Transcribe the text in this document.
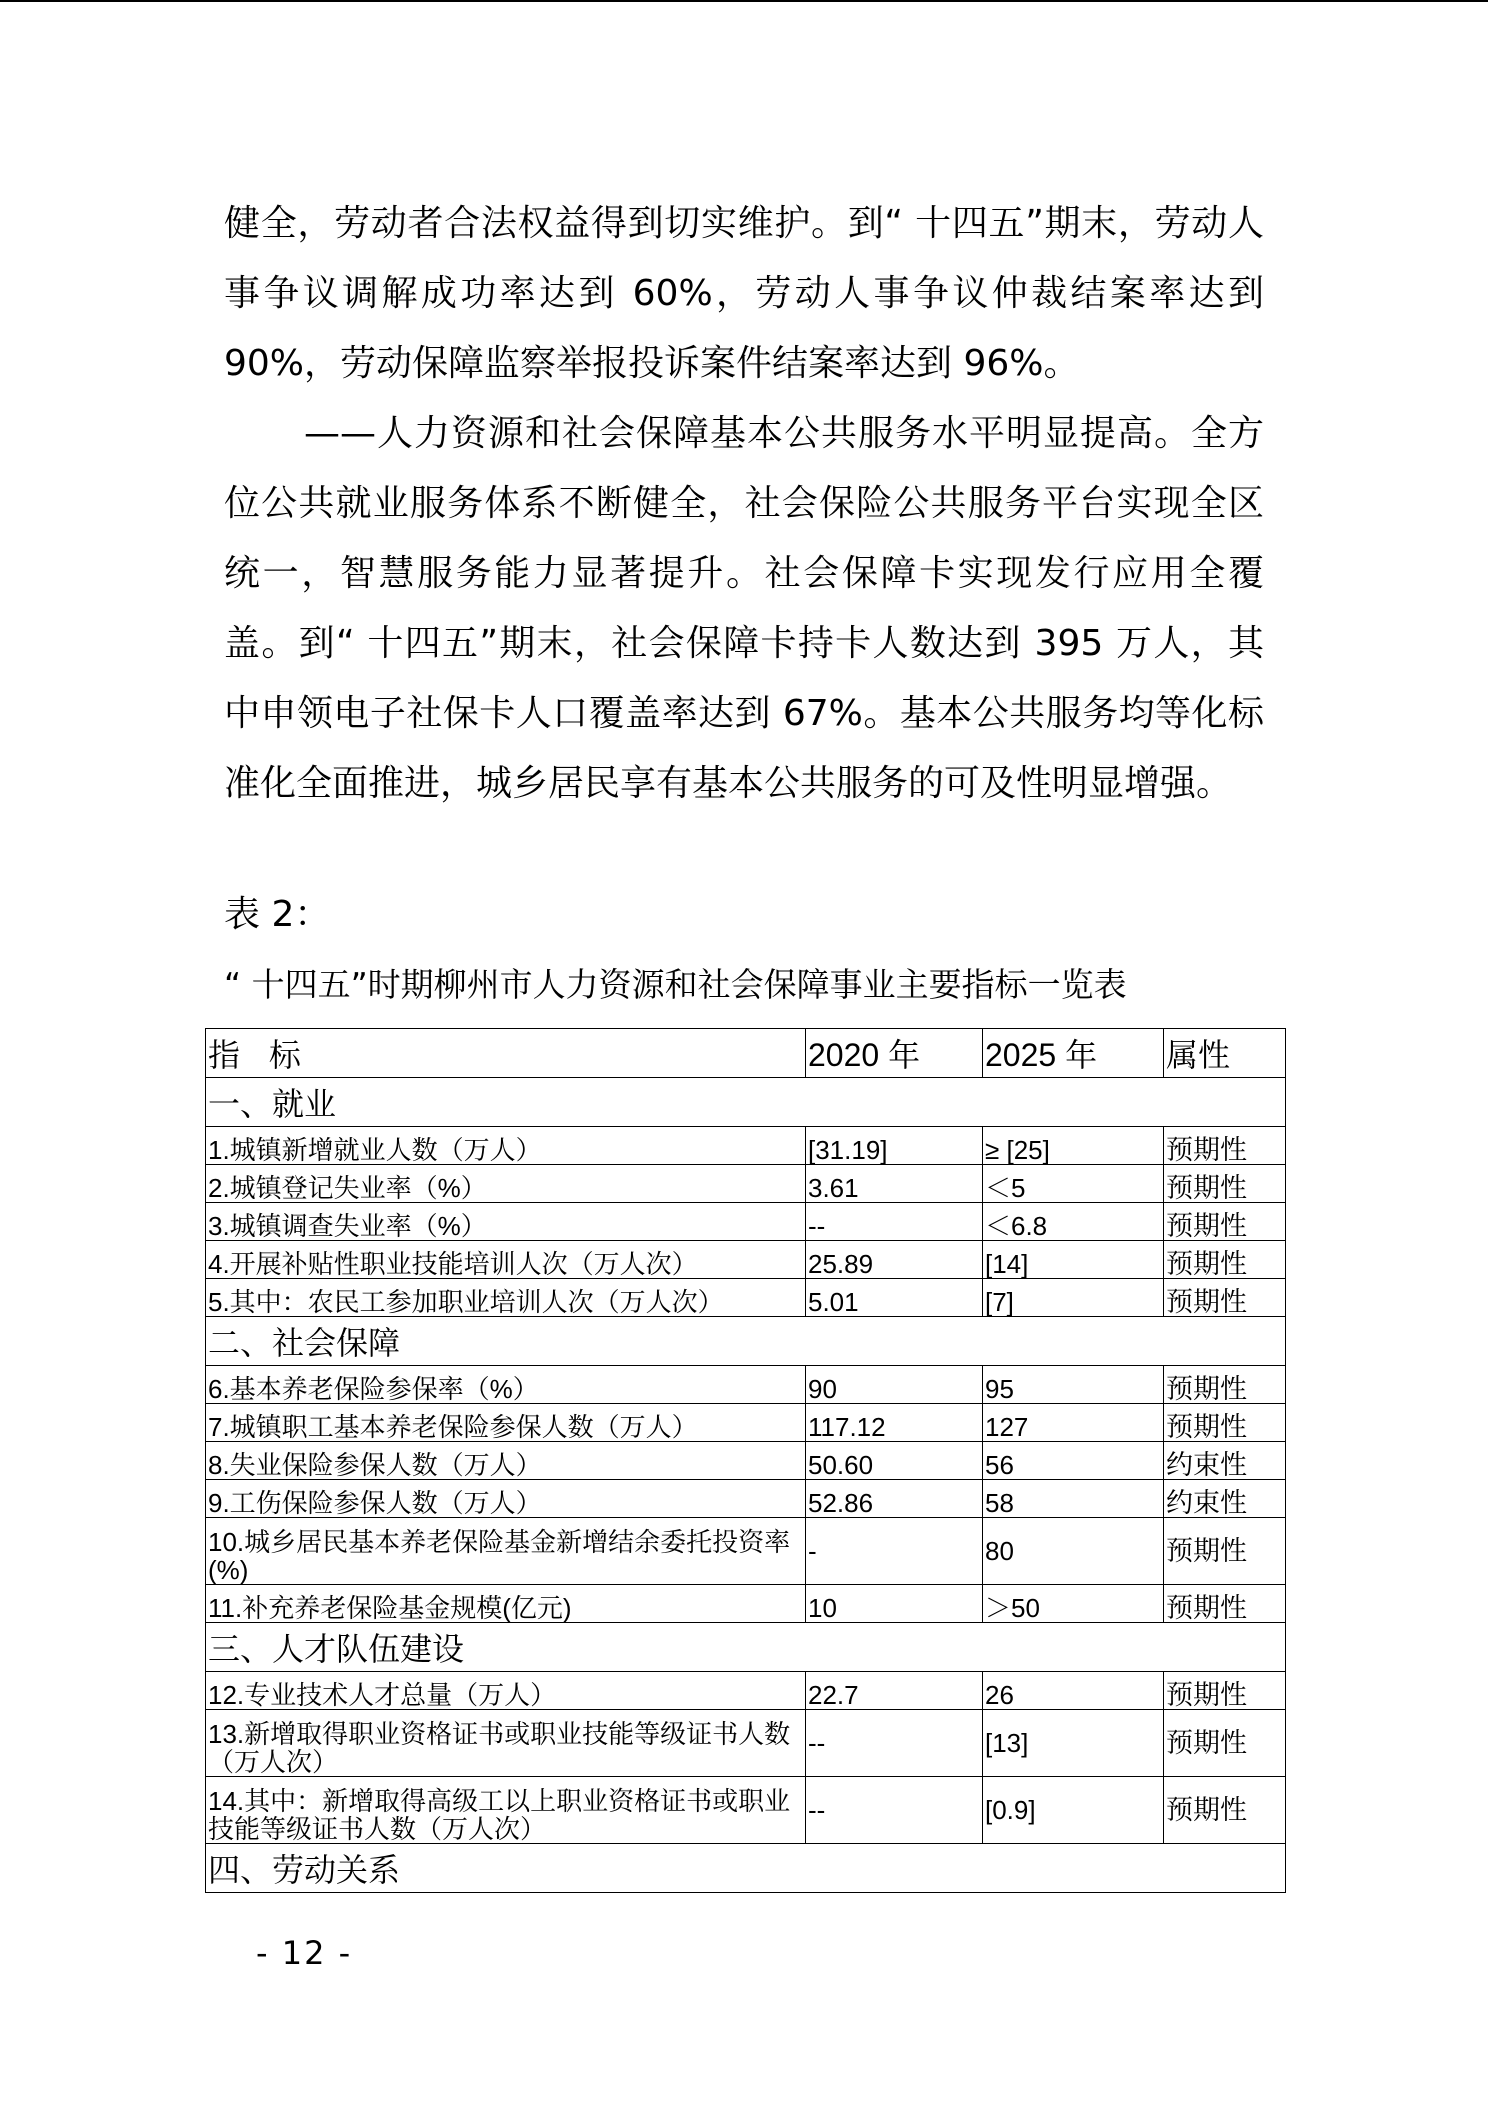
健全，劳动者合法权益得到切实维护。到“ 十四五”期末，劳动人事争议调解成功率达到 60%，劳动人事争议仲裁结案率达到 90%，劳动保障监察举报投诉案件结案率达到 96%。

——人力资源和社会保障基本公共服务水平明显提高。全方位公共就业服务体系不断健全，社会保险公共服务平台实现全区统一，智慧服务能力显著提升。社会保障卡实现发行应用全覆盖。到“ 十四五”期末，社会保障卡持卡人数达到 395 万人，其中申领电子社保卡人口覆盖率达到 67%。基本公共服务均等化标准化全面推进，城乡居民享有基本公共服务的可及性明显增强。

表 2：
“ 十四五”时期柳州市人力资源和社会保障事业主要指标一览表
指 标	2020 年	2025 年	属性
一、就业			
1.城镇新增就业人数（万人）	[31.19]	≥ [25]	预期性
2.城镇登记失业率（%）	3.61	＜5	预期性
3.城镇调查失业率（%）	--	＜6.8	预期性
4.开展补贴性职业技能培训人次（万人次）	25.89	[14]	预期性
5.其中：农民工参加职业培训人次（万人次）	5.01	[7]	预期性
二、社会保障			
6.基本养老保险参保率（%）	90	95	预期性
7.城镇职工基本养老保险参保人数（万人）	117.12	127	预期性
8.失业保险参保人数（万人）	50.60	56	约束性
9.工伤保险参保人数（万人）	52.86	58	约束性
10.城乡居民基本养老保险基金新增结余委托投资率(%)	-	80	预期性
11.补充养老保险基金规模(亿元)	10	＞50	预期性
三、人才队伍建设			
12.专业技术人才总量（万人）	22.7	26	预期性
13.新增取得职业资格证书或职业技能等级证书人数（万人次）	--	[13]	预期性
14.其中：新增取得高级工以上职业资格证书或职业技能等级证书人数（万人次）	--	[0.9]	预期性
四、劳动关系			
- 12 -
